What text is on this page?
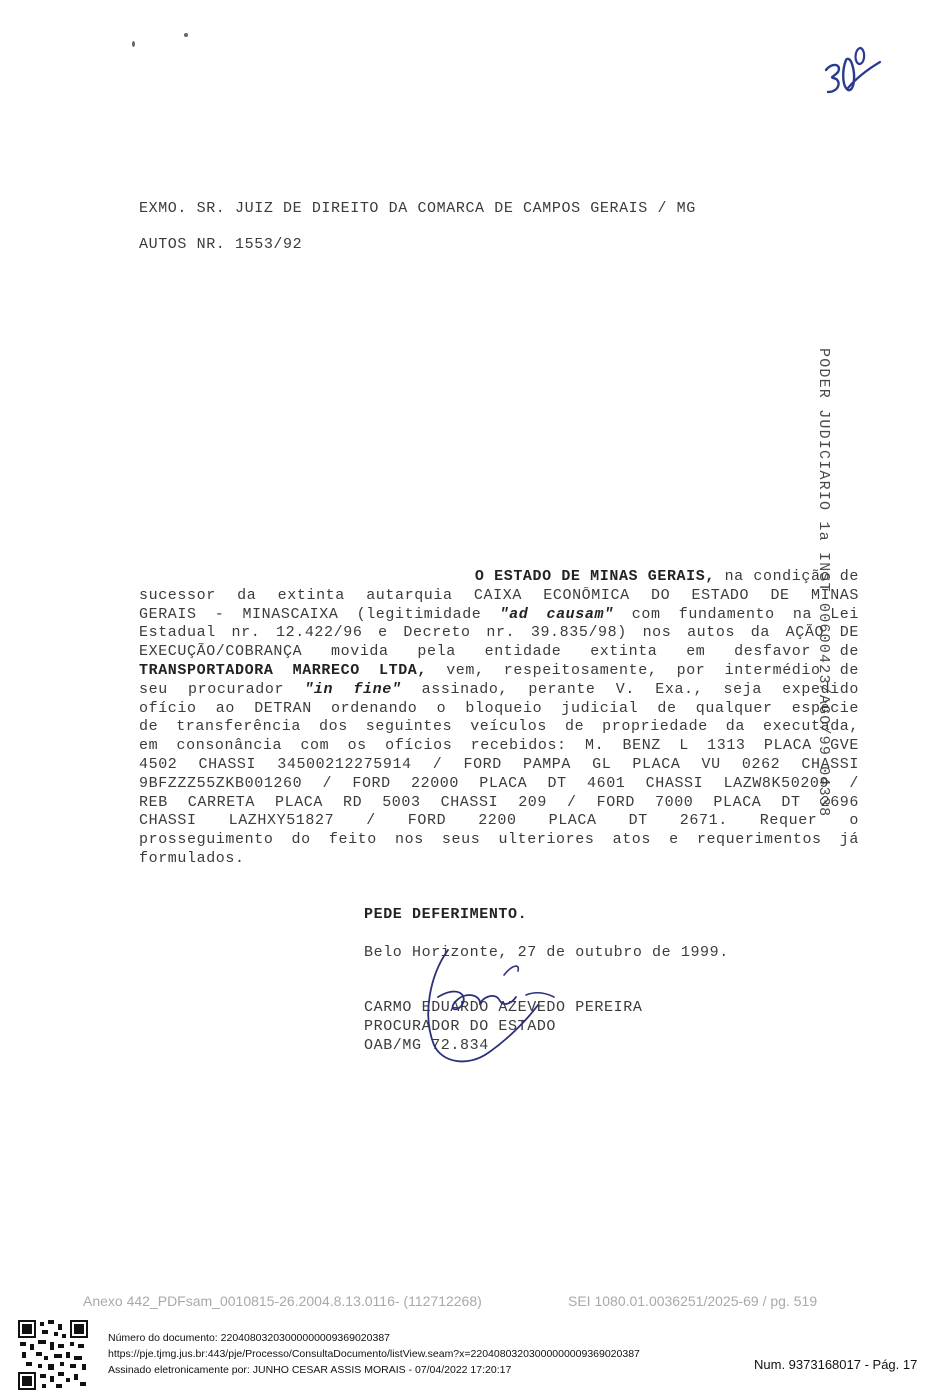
EXMO. SR. JUIZ DE DIREITO DA COMARCA DE CAMPOS GERAIS / MG
AUTOS NR. 1553/92
PODER JUDICIARIO 1a INST 00600423/AGO/99 04338
O ESTADO DE MINAS GERAIS, na condição de
sucessor da extinta autarquia CAIXA ECONÔMICA DO ESTADO DE MINAS
GERAIS - MINASCAIXA (legitimidade "ad causam" com fundamento na Lei
Estadual nr. 12.422/96 e Decreto nr. 39.835/98) nos autos da AÇÃO DE
EXECUÇÃO/COBRANÇA movida pela entidade extinta em desfavor de
TRANSPORTADORA MARRECO LTDA, vem, respeitosamente, por intermédio de
seu procurador "in fine" assinado, perante V. Exa., seja expedido
ofício ao DETRAN ordenando o bloqueio judicial de qualquer espécie
de transferência dos seguintes veículos de propriedade da executada,
em consonância com os ofícios recebidos: M. BENZ L 1313 PLACA GVE
4502 CHASSI 34500212275914 / FORD PAMPA GL PLACA VU 0262 CHASSI
9BFZZZ55ZKB001260 / FORD 22000 PLACA DT 4601 CHASSI LAZW8K50209 /
REB CARRETA PLACA RD 5003 CHASSI 209 / FORD 7000 PLACA DT 2696
CHASSI LAZHXY51827 / FORD 2200 PLACA DT 2671. Requer o
prosseguimento do feito nos seus ulteriores atos e requerimentos já
formulados.
PEDE DEFERIMENTO.
Belo Horizonte, 27 de outubro de 1999.
CARMO EDUARDO AZEVEDO PEREIRA
PROCURADOR DO ESTADO
OAB/MG 72.834
Anexo 442_PDFsam_0010815-26.2004.8.13.0116- (112712268)	SEI 1080.01.0036251/2025-69 / pg. 519
Número do documento: 22040803203000000009369020387
https://pje.tjmg.jus.br:443/pje/Processo/ConsultaDocumento/listView.seam?x=22040803203000000009369020387
Assinado eletronicamente por: JUNHO CESAR ASSIS MORAIS - 07/04/2022 17:20:17	Num. 9373168017 - Pág. 17
